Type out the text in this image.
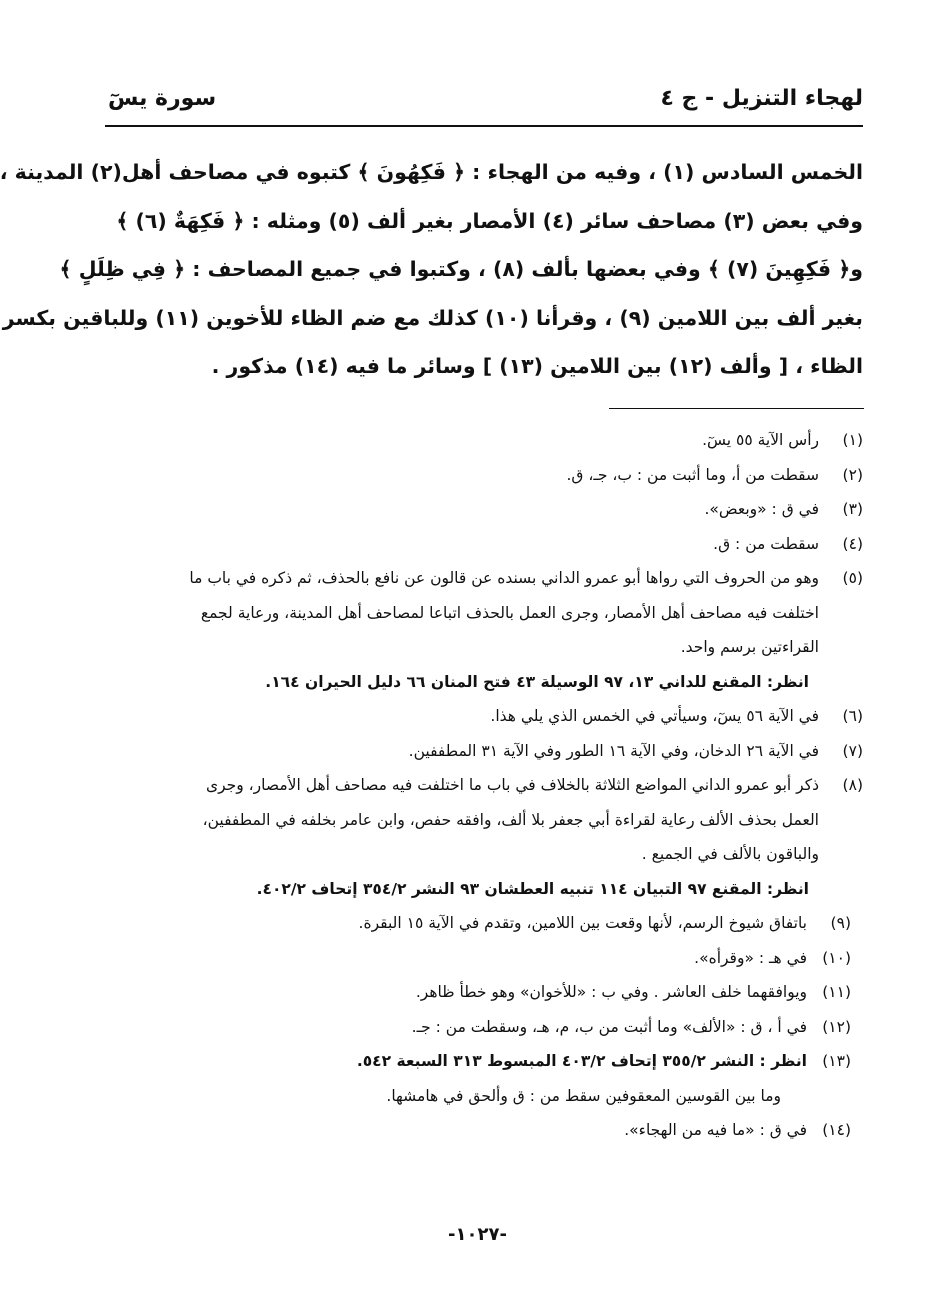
لهجاء التنزيل - ج ٤
سورة يسٓ
الخمس السادس (١) ، وفيه من الهجاء : ﴿ فَكِهُونَ ﴾ كتبوه في مصاحف أهل(٢) المدينة ،
وفي بعض (٣) مصاحف سائر (٤) الأمصار بغير ألف (٥) ومثله : ﴿ فَكِهَةٌ (٦) ﴾
و﴿ فَكِهِينَ (٧) ﴾ وفي بعضها بألف (٨) ، وكتبوا في جميع المصاحف : ﴿ فِي ظِلَلٍ ﴾
بغير ألف بين اللامين (٩) ، وقرأنا (١٠) كذلك مع ضم الظاء للأخوين (١١) وللباقين بكسر
الظاء ، [ وألف (١٢) بين اللامين (١٣) ] وسائر ما فيه (١٤) مذكور .
(١)
رأس الآية ٥٥ يسٓ.
(٢)
سقطت من أ، وما أثبت من : ب، جـ، ق.
(٣)
في ق : «وبعض».
(٤)
سقطت من : ق.
(٥)
وهو من الحروف التي رواها أبو عمرو الداني بسنده عن قالون عن نافع بالحذف، ثم ذكره في باب ما
اختلفت فيه مصاحف أهل الأمصار، وجرى العمل بالحذف اتباعا لمصاحف أهل المدينة، ورعاية لجمع
القراءتين برسم واحد.
انظر: المقنع للداني ١٣، ٩٧ الوسيلة ٤٣ فتح المنان ٦٦ دليل الحيران ١٦٤.
(٦)
في الآية ٥٦ يسٓ، وسيأتي في الخمس الذي يلي هذا.
(٧)
في الآية ٢٦ الدخان، وفي الآية ١٦ الطور وفي الآية ٣١ المطففين.
(٨)
ذكر أبو عمرو الداني المواضع الثلاثة بالخلاف في باب ما اختلفت فيه مصاحف أهل الأمصار، وجرى
العمل بحذف الألف رعاية لقراءة أبي جعفر بلا ألف، وافقه حفص، وابن عامر بخلفه في المطففين،
والباقون بالألف في الجميع .
انظر: المقنع ٩٧ التبيان ١١٤ تنبيه العطشان ٩٣ النشر ٣٥٤/٢ إتحاف ٤٠٢/٢.
(٩)
باتفاق شيوخ الرسم، لأنها وقعت بين اللامين، وتقدم في الآية ١٥ البقرة.
(١٠)
في هـ : «وقرأه».
(١١)
ويوافقهما خلف العاشر . وفي ب : «للأخوان» وهو خطأ ظاهر.
(١٢)
في أ ، ق : «الألف» وما أثبت من ب، م، هـ، وسقطت من : جـ.
(١٣)
انظر : النشر ٣٥٥/٢ إتحاف ٤٠٣/٢ المبسوط ٣١٣ السبعة ٥٤٢.
وما بين القوسين المعقوفين سقط من : ق وألحق في هامشها.
(١٤)
في ق : «ما فيه من الهجاء».
-١٠٢٧-
